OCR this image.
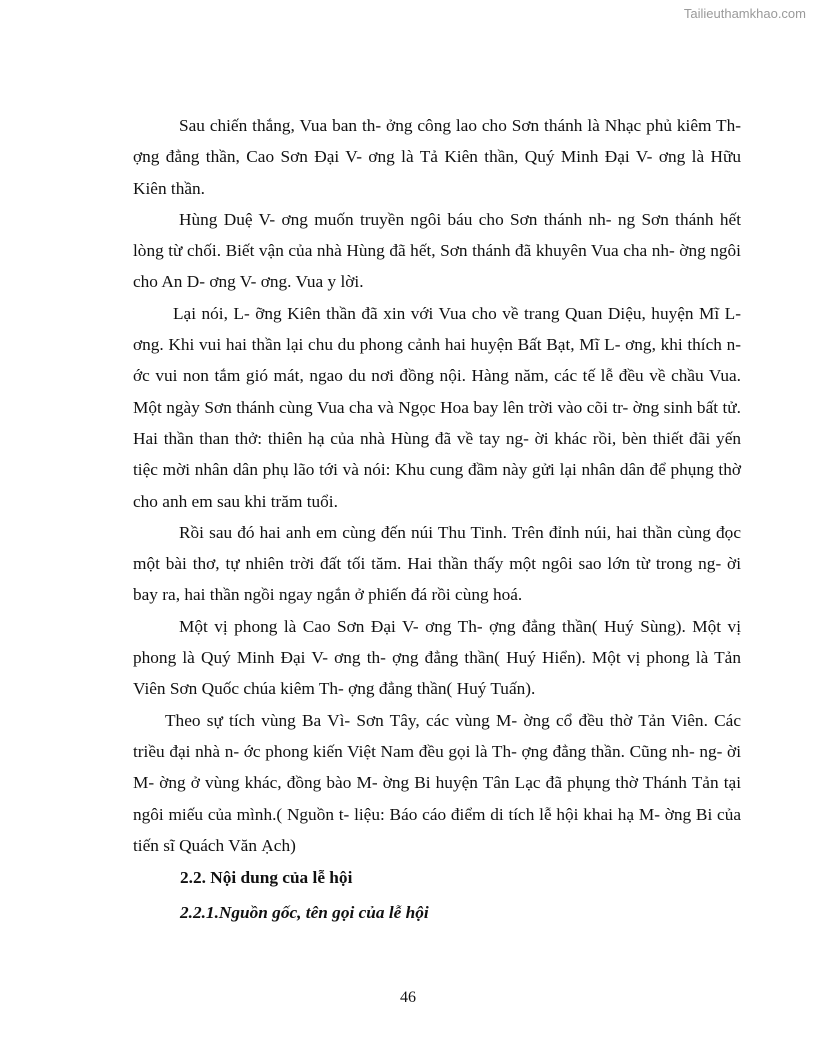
Tailieuthamkhao.com

Sau chiến thắng, Vua ban th- ởng công lao cho Sơn thánh là Nhạc phủ kiêm Th- ợng đẳng thần, Cao Sơn Đại V- ơng là Tả Kiên thần, Quý Minh Đại V- ơng là Hữu Kiên thần.

Hùng Duệ V- ơng muốn truyền ngôi báu cho Sơn thánh nh- ng Sơn thánh hết lòng từ chối. Biết vận của nhà Hùng đã hết, Sơn thánh đã khuyên Vua cha nh- ờng ngôi cho An D- ơng V- ơng. Vua y lời.

Lại nói, L- ỡng Kiên thần đã xin với Vua cho về trang Quan Diệu, huyện Mĩ L- ơng. Khi vui hai thần lại chu du phong cảnh hai huyện Bất Bạt, Mĩ L- ơng, khi thích n- ớc vui non tắm gió mát, ngao du nơi đồng nội. Hàng năm, các tế lễ đều về chầu Vua. Một ngày Sơn thánh cùng Vua cha và Ngọc Hoa bay lên trời vào cõi tr- ờng sinh bất tử. Hai thần than thở: thiên hạ của nhà Hùng đã về tay ng- ời khác rồi, bèn thiết đãi yến tiệc mời nhân dân phụ lão tới và nói: Khu cung đầm này gửi lại nhân dân để phụng thờ cho anh em sau khi trăm tuổi.

Rồi sau đó hai anh em cùng đến núi Thu Tinh. Trên đỉnh núi, hai thần cùng đọc một bài thơ, tự nhiên trời đất tối tăm. Hai thần thấy một ngôi sao lớn từ trong ng- ời bay ra, hai thần ngồi ngay ngắn ở phiến đá rồi cùng hoá.

Một vị phong là Cao Sơn Đại V- ơng Th- ợng đẳng thần( Huý Sùng). Một vị phong là Quý Minh Đại V- ơng th- ợng đẳng thần( Huý Hiển). Một vị phong là Tản Viên Sơn Quốc chúa kiêm Th- ợng đẳng thần( Huý Tuấn).

Theo sự tích vùng Ba Vì- Sơn Tây, các vùng M- ờng cổ đều thờ Tản Viên. Các triều đại nhà n- ớc phong kiến Việt Nam đều gọi là Th- ợng đẳng thần. Cũng nh- ng- ời M- ờng ở vùng khác, đồng bào M- ờng Bi huyện Tân Lạc đã phụng thờ Thánh Tản tại ngôi miếu của mình.( Nguồn t- liệu: Báo cáo điểm di tích lễ hội khai hạ M- ờng Bi của tiến sĩ Quách Văn Ạch)

2.2. Nội dung của lễ hội

2.2.1.Nguồn gốc, tên gọi của lễ hội

46
